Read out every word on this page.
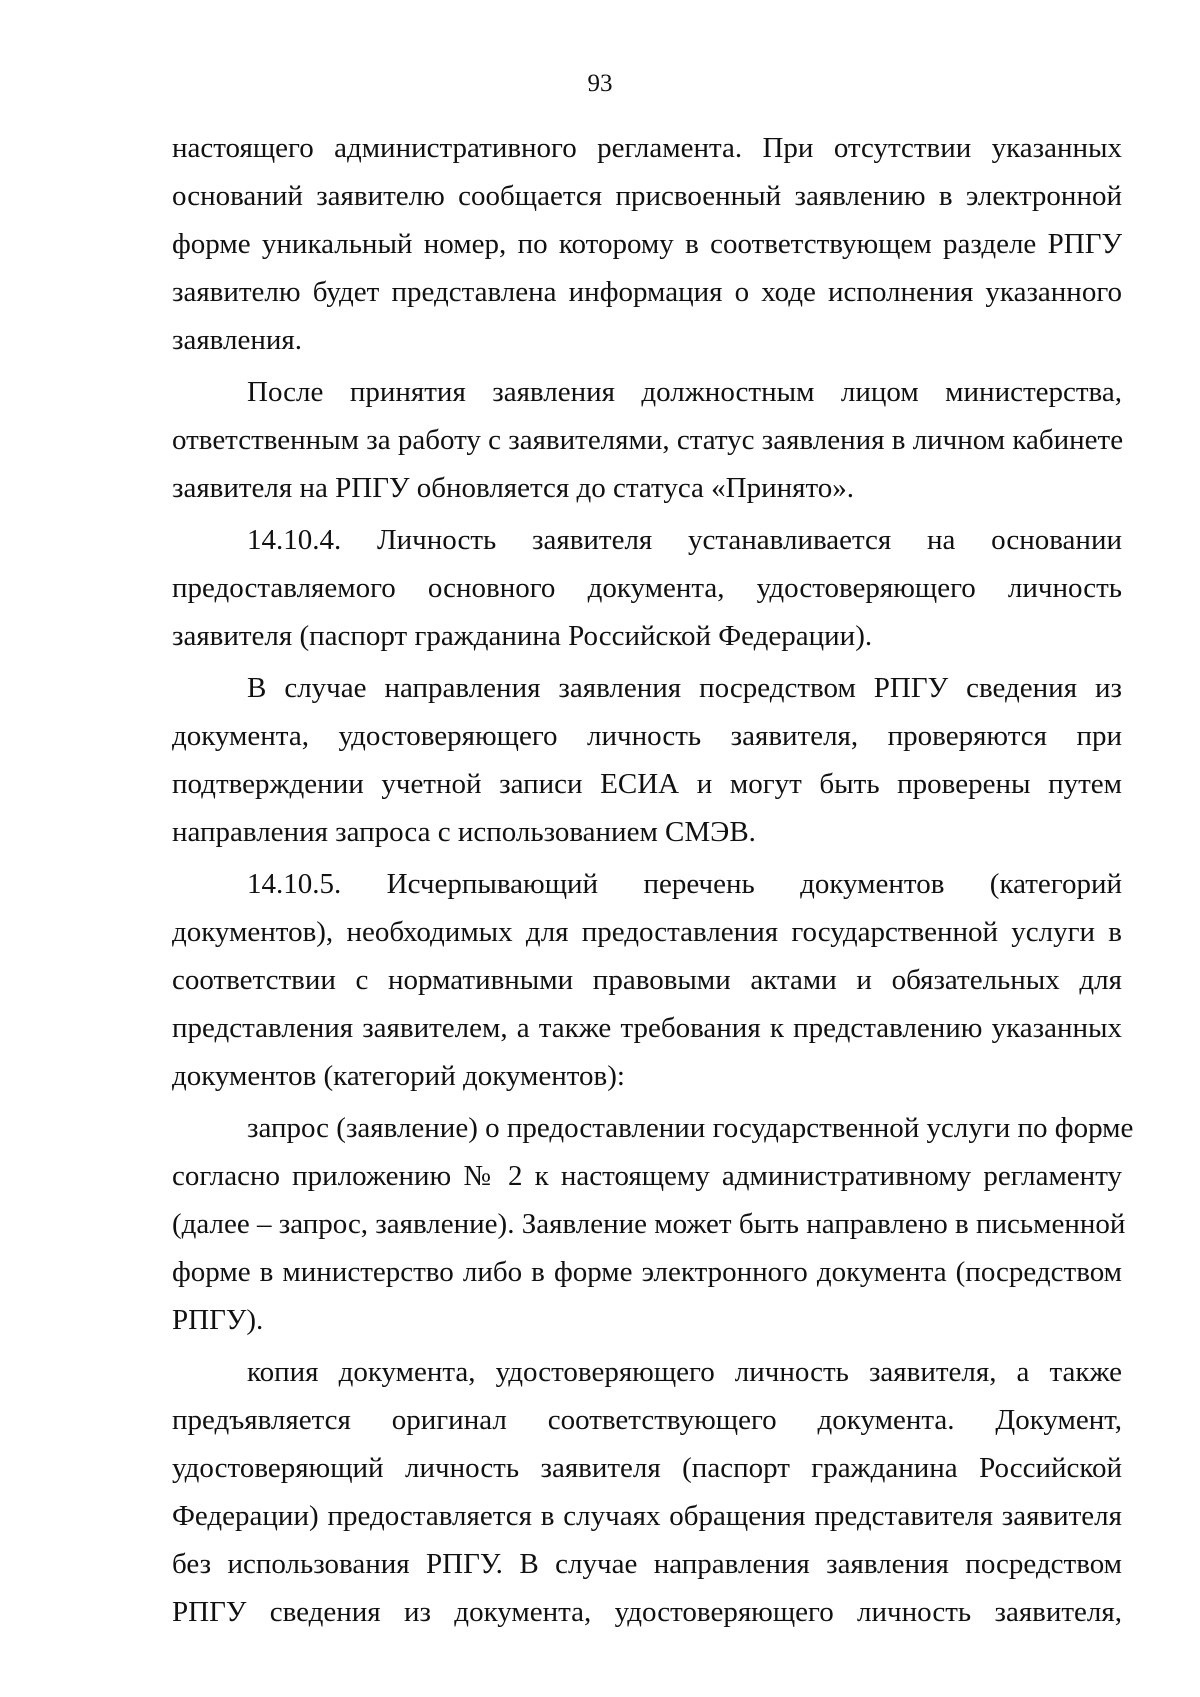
93
настоящего административного регламента. При отсутствии указанных
оснований заявителю сообщается присвоенный заявлению в электронной
форме уникальный номер, по которому в соответствующем разделе РПГУ
заявителю будет представлена информация о ходе исполнения указанного
заявления.
После принятия заявления должностным лицом министерства,
ответственным за работу с заявителями, статус заявления в личном кабинете
заявителя на РПГУ обновляется до статуса «Принято».
14.10.4. Личность заявителя устанавливается на основании
предоставляемого основного документа, удостоверяющего личность
заявителя (паспорт гражданина Российской Федерации).
В случае направления заявления посредством РПГУ сведения из
документа, удостоверяющего личность заявителя, проверяются при
подтверждении учетной записи ЕСИА и могут быть проверены путем
направления запроса с использованием СМЭВ.
14.10.5. Исчерпывающий перечень документов (категорий
документов), необходимых для предоставления государственной услуги в
соответствии с нормативными правовыми актами и обязательных для
представления заявителем, а также требования к представлению указанных
документов (категорий документов):
запрос (заявление) о предоставлении государственной услуги по форме
согласно приложению № 2 к настоящему административному регламенту
(далее – запрос, заявление). Заявление может быть направлено в письменной
форме в министерство либо в форме электронного документа (посредством
РПГУ).
копия документа, удостоверяющего личность заявителя, а также
предъявляется оригинал соответствующего документа. Документ,
удостоверяющий личность заявителя (паспорт гражданина Российской
Федерации) предоставляется в случаях обращения представителя заявителя
без использования РПГУ. В случае направления заявления посредством
РПГУ сведения из документа, удостоверяющего личность заявителя,
